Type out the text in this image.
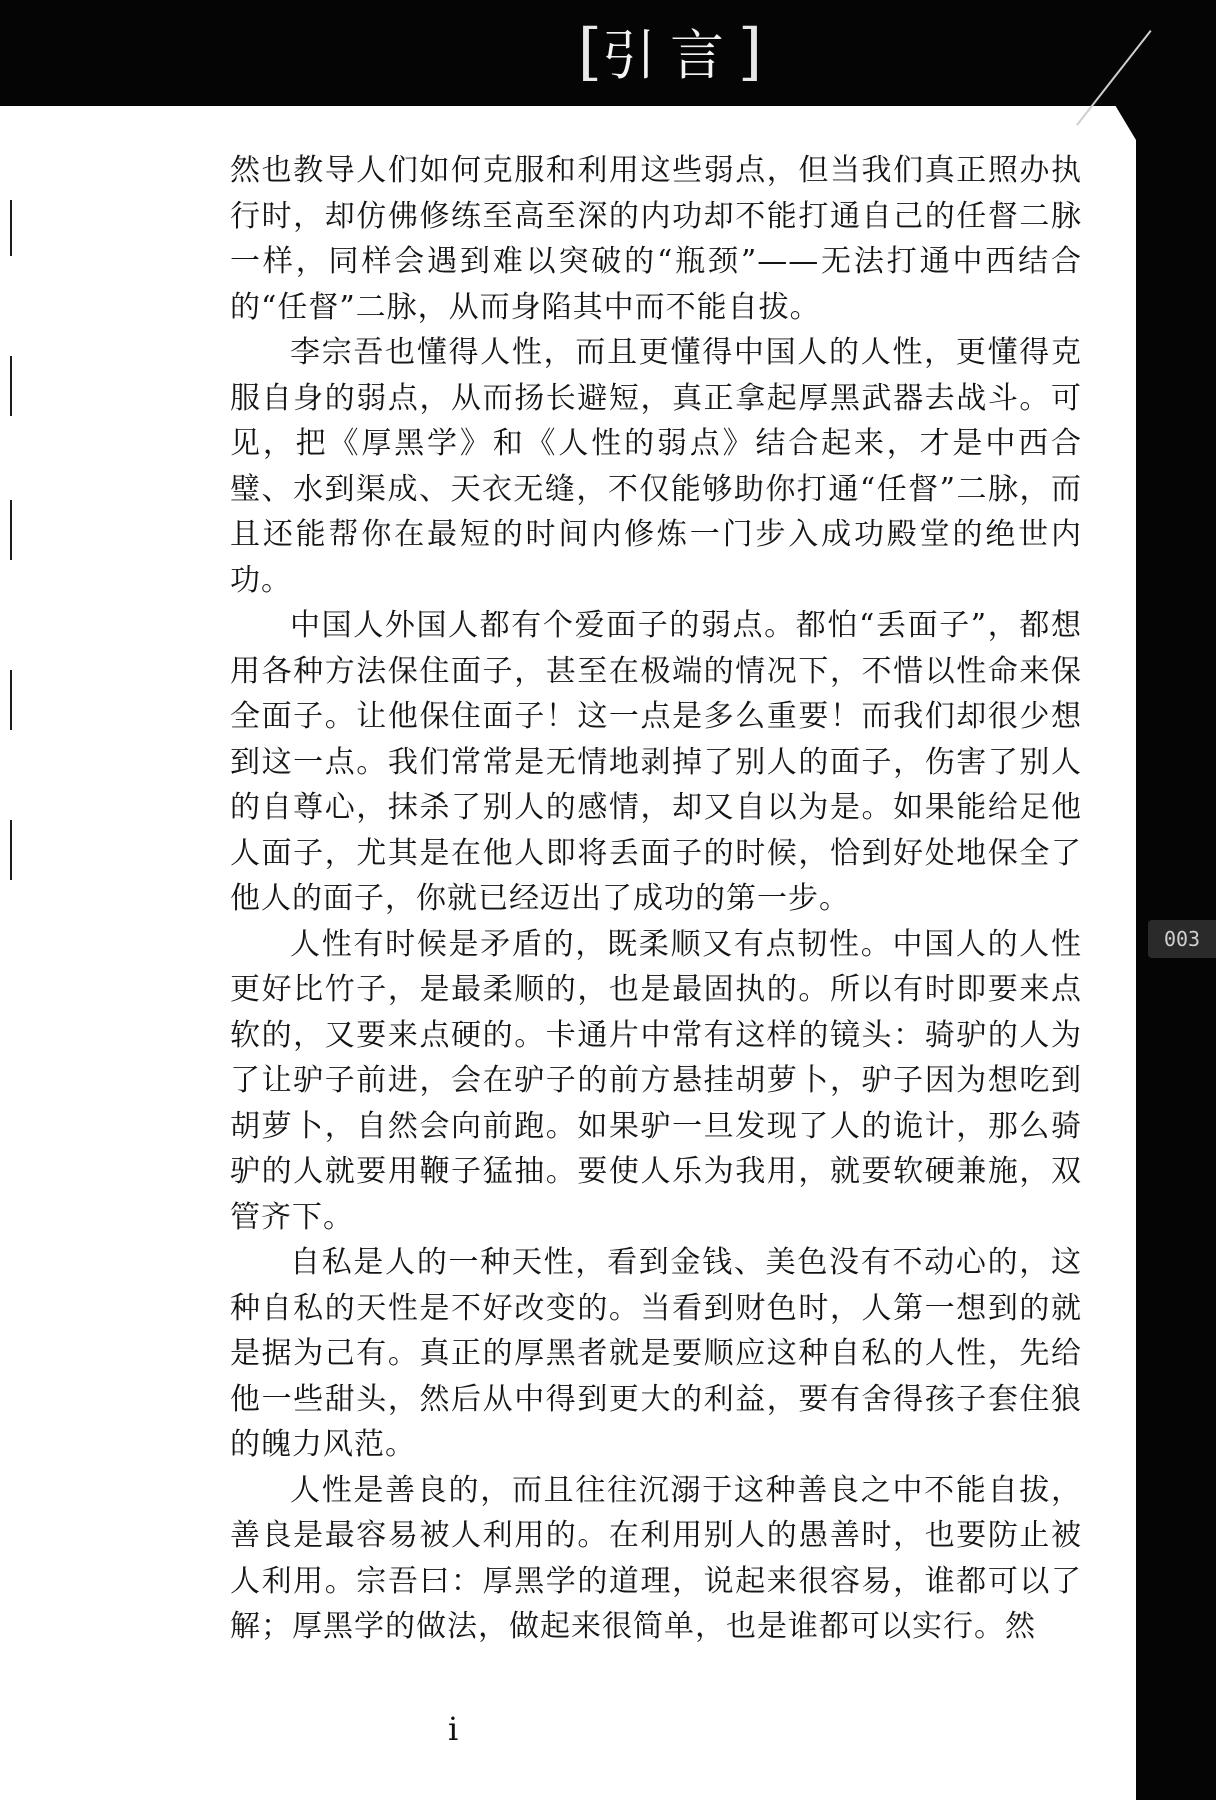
[ 引言 ]
003

然也教导人们如何克服和利用这些弱点，但当我们真正照办执行时，却仿佛修练至高至深的内功却不能打通自己的任督二脉一样，同样会遇到难以突破的“瓶颈”——无法打通中西结合的“任督”二脉，从而身陷其中而不能自拔。

李宗吾也懂得人性，而且更懂得中国人的人性，更懂得克服自身的弱点，从而扬长避短，真正拿起厚黑武器去战斗。可见，把《厚黑学》和《人性的弱点》结合起来，才是中西合璧、水到渠成、天衣无缝，不仅能够助你打通“任督”二脉，而且还能帮你在最短的时间内修炼一门步入成功殿堂的绝世内功。

中国人外国人都有个爱面子的弱点。都怕“丢面子”，都想用各种方法保住面子，甚至在极端的情况下，不惜以性命来保全面子。让他保住面子！这一点是多么重要！而我们却很少想到这一点。我们常常是无情地剥掉了别人的面子，伤害了别人的自尊心，抹杀了别人的感情，却又自以为是。如果能给足他人面子，尤其是在他人即将丢面子的时候，恰到好处地保全了他人的面子，你就已经迈出了成功的第一步。

人性有时候是矛盾的，既柔顺又有点韧性。中国人的人性更好比竹子，是最柔顺的，也是最固执的。所以有时即要来点软的，又要来点硬的。卡通片中常有这样的镜头：骑驴的人为了让驴子前进，会在驴子的前方悬挂胡萝卜，驴子因为想吃到胡萝卜，自然会向前跑。如果驴一旦发现了人的诡计，那么骑驴的人就要用鞭子猛抽。要使人乐为我用，就要软硬兼施，双管齐下。

自私是人的一种天性，看到金钱、美色没有不动心的，这种自私的天性是不好改变的。当看到财色时，人第一想到的就是据为己有。真正的厚黑者就是要顺应这种自私的人性，先给他一些甜头，然后从中得到更大的利益，要有舍得孩子套住狼的魄力风范。

人性是善良的，而且往往沉溺于这种善良之中不能自拔，善良是最容易被人利用的。在利用别人的愚善时，也要防止被人利用。宗吾曰：厚黑学的道理，说起来很容易，谁都可以了解；厚黑学的做法，做起来很简单，也是谁都可以实行。然

i
